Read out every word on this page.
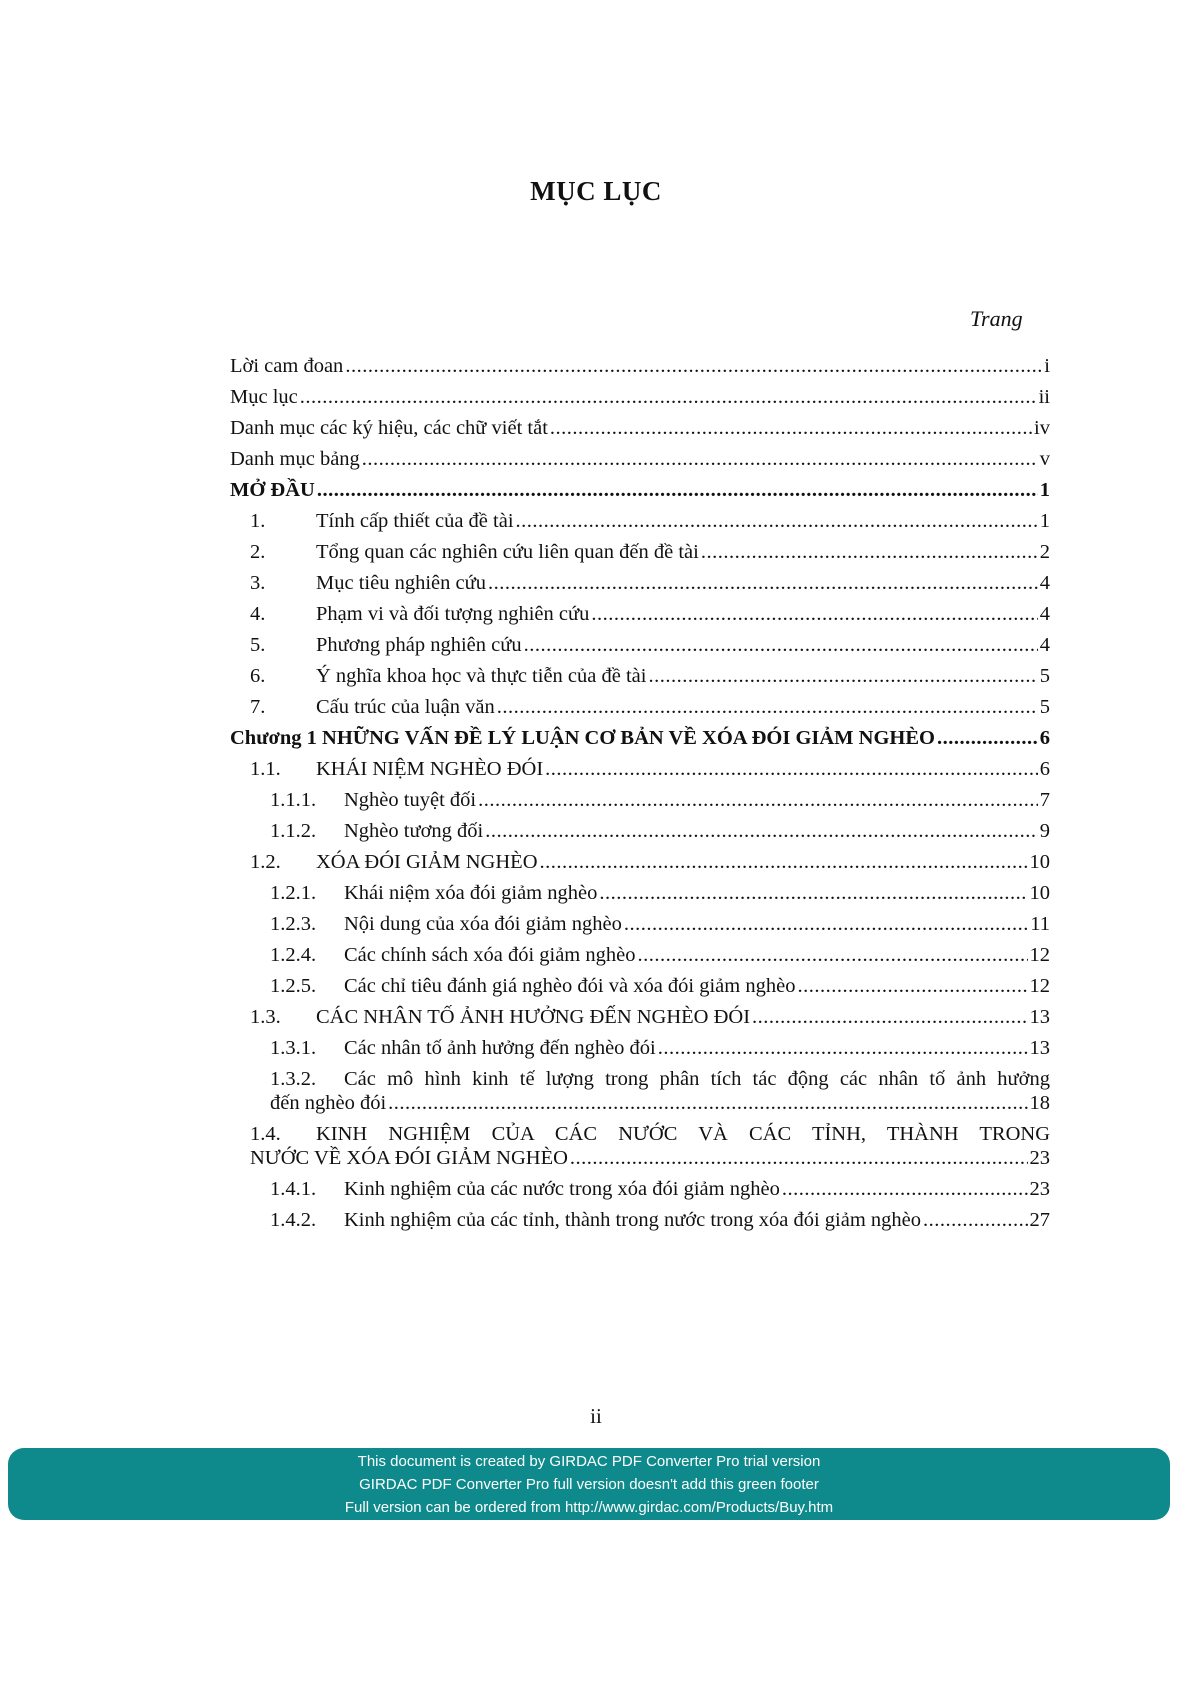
MỤC LỤC
Trang
Lời cam đoan .....	i
Mục lục .....	ii
Danh mục các ký hiệu, các chữ viết tắt .....	iv
Danh mục bảng .....	v
MỞ ĐẦU .....	1
1.	Tính cấp thiết của đề tài .....	1
2.	Tổng quan các nghiên cứu liên quan đến đề tài .....	2
3.	Mục tiêu nghiên cứu .....	4
4.	Phạm vi và đối tượng nghiên cứu .....	4
5.	Phương pháp nghiên cứu .....	4
6.	Ý nghĩa khoa học và thực tiễn của đề tài .....	5
7.	Cấu trúc của luận văn .....	5
Chương 1 NHỮNG VẤN ĐỀ LÝ LUẬN CƠ BẢN VỀ XÓA ĐÓI GIẢM NGHÈO .....	6
1.1.	KHÁI NIỆM NGHÈO ĐÓI .....	6
1.1.1.	Nghèo tuyệt đối .....	7
1.1.2.	Nghèo tương đối .....	9
1.2.	XÓA ĐÓI GIẢM NGHÈO .....	10
1.2.1.	Khái niệm xóa đói giảm nghèo .....	10
1.2.3.	Nội dung của xóa đói giảm nghèo .....	11
1.2.4.	Các chính sách xóa đói giảm nghèo .....	12
1.2.5.	Các chỉ tiêu đánh giá nghèo đói và xóa đói giảm nghèo .....	12
1.3.	CÁC NHÂN TỐ ẢNH HƯỞNG ĐẾN NGHÈO ĐÓI .....	13
1.3.1.	Các nhân tố ảnh hưởng đến nghèo đói .....	13
1.3.2. Các mô hình kinh tế lượng trong phân tích tác động các nhân tố ảnh hưởng
đến nghèo đói .....	18
1.4. KINH NGHIỆM CỦA CÁC NƯỚC VÀ CÁC TỈNH, THÀNH TRONG
NƯỚC VỀ XÓA ĐÓI GIẢM NGHÈO .....	23
1.4.1.	Kinh nghiệm của các nước trong xóa đói giảm nghèo .....	23
1.4.2.	Kinh nghiệm của các tỉnh, thành trong nước trong xóa đói giảm nghèo .....	27
ii
This document is created by GIRDAC PDF Converter Pro trial version
GIRDAC PDF Converter Pro full version doesn't add this green footer
Full version can be ordered from http://www.girdac.com/Products/Buy.htm
